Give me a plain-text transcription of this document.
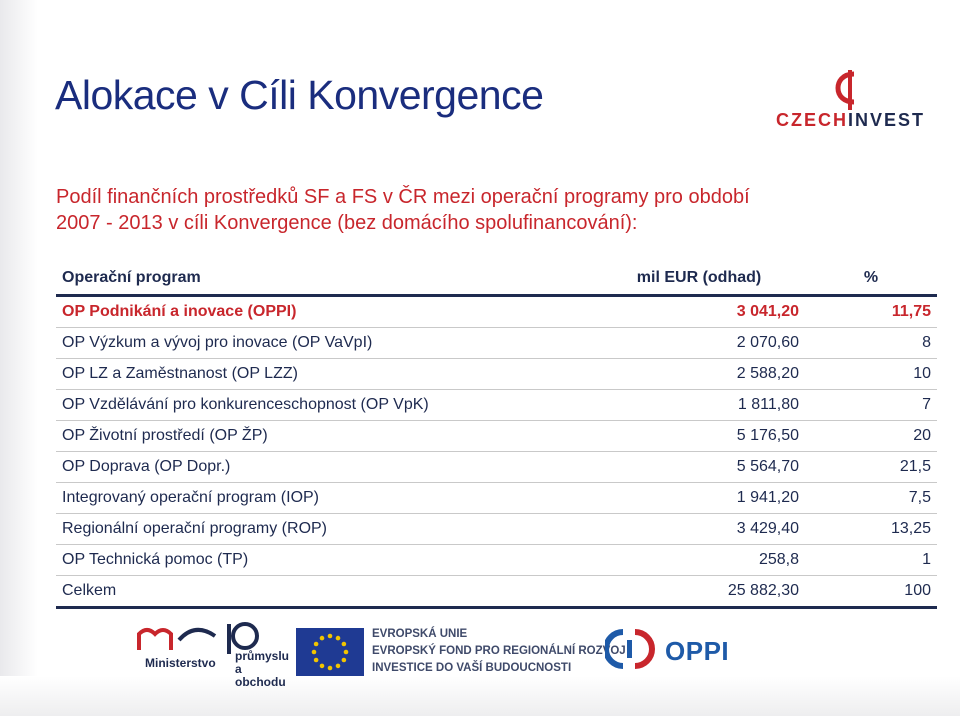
Alokace v Cíli Konvergence
CZECHINVEST
Podíl finančních prostředků SF a FS v ČR mezi operační programy pro období
2007 - 2013 v cíli Konvergence (bez domácího spolufinancování):
Operační program	mil EUR (odhad)	%
OP Podnikání a inovace (OPPI)	3 041,20	11,75
OP Výzkum a vývoj pro inovace (OP VaVpI)	2 070,60	8
OP LZ a Zaměstnanost (OP LZZ)	2 588,20	10
OP Vzdělávání pro konkurenceschopnost (OP VpK)	1 811,80	7
OP Životní prostředí (OP ŽP)	5 176,50	20
OP Doprava (OP Dopr.)	5 564,70	21,5
Integrovaný operační program (IOP)	1 941,20	7,5
Regionální operační programy (ROP)	3 429,40	13,25
OP Technická pomoc (TP)	258,8	1
Celkem	25 882,30	100
Ministerstvo průmyslu
a obchodu
EVROPSKÁ UNIE
EVROPSKÝ FOND PRO REGIONÁLNÍ ROZVOJ
INVESTICE DO VAŠÍ BUDOUCNOSTI
OPPI
